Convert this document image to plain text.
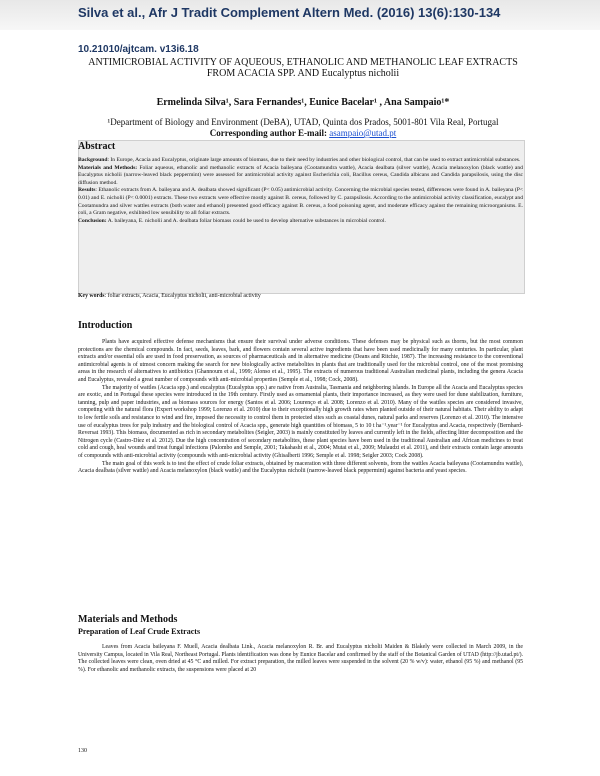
Silva et al., Afr J Tradit Complement Altern Med. (2016) 13(6):130-134
10.21010/ajtcam. v13i6.18
ANTIMICROBIAL ACTIVITY OF AQUEOUS, ETHANOLIC AND METHANOLIC LEAF EXTRACTS
FROM ACACIA SPP. AND Eucalyptus nicholii
Ermelinda Silva¹, Sara Fernandes¹, Eunice Bacelar¹ , Ana Sampaio¹*
¹Department of Biology and Environment (DeBA), UTAD, Quinta dos Prados, 5001-801 Vila Real, Portugal
Corresponding author E-mail: asampaio@utad.pt
Abstract

Background: In Europe, Acacia and Eucalyptus, originate large amounts of biomass, due to their need by industries and other biological control, that can be used to extract antimicrobial substances.

Materials and Methods: Foliar aqueous, ethanolic and methanolic extracts of Acacia baileyana (Cootamundra wattle), Acacia dealbata (silver wattle), Acacia melanoxylon (black wattle) and Eucalyptus nicholii (narrow-leaved black peppermint) were assessed for antimicrobial activity against Escherichia coli, Bacillus cereus, Candida albicans and Candida parapsilosis, using the disc diffusion method.

Results: Ethanolic extracts from A. baileyana and A. dealbata showed significant (P< 0.05) antimicrobial activity. Concerning the microbial species tested, differences were found in A. baileyana (P< 0.01) and E. nicholii (P< 0.0001) extracts. These two extracts were effective mostly against B. cereus, followed by C. parapsilosis. According to the antimicrobial activity classification, eucalypt and Cootamundra and silver wattles extracts (both water and ethanol) presented good efficacy against B. cereus, a food poisoning agent, and moderate efficacy against the remaining microorganisms. E. coli, a Gram negative, exhibited low sensibility to all foliar extracts.

Conclusion: A. baileyana, E. nicholii and A. dealbata foliar biomass could be used to develop alternative substances in microbial control.

Key words: foliar extracts, Acacia, Eucalyptus nicholii, anti-microbial activity
Introduction

Plants have acquired effective defense mechanisms that ensure their survival under adverse conditions. These defenses may be physical such as thorns, but the most common protections are the chemical compounds. In fact, seeds, leaves, bark, and flowers contain several active ingredients that have been used medicinally for many centuries. In particular, plant extracts and/or essential oils are used in food preservation, as sources of pharmaceuticals and in alternative medicine (Deans and Ritchie, 1987). The increasing resistance to the conventional antimicrobial agents is of utmost concern making the search for new biologically active metabolites in plants that are traditionally used for the microbial control, one of the most promising areas in the research of alternatives to antibiotics (Ghannoum et al., 1999; Alonso et al., 1995). The extracts of numerous traditional Australian medicinal plants, including the genera Acacia and Eucalyptus, revealed a great number of compounds with anti-microbial properties (Semple et al., 1998; Cock, 2008).

The majority of wattles (Acacia spp.) and eucalyptus (Eucalyptus spp.) are native from Australia, Tasmania and neighboring islands. In Europe all the Acacia and Eucalyptus species are exotic, and in Portugal these species were introduced in the 19th century. Firstly used as ornamental plants, their importance increased, as they were used for dune stabilization, furniture, tanning, pulp and paper industries, and as biomass sources for energy (Santos et al. 2006; Lourenço et al. 2008; Lorenzo et al. 2010). Many of the wattles species are considered invasive, competing with the natural flora (Expert workshop 1999; Lorenzo et al. 2010) due to their exceptionally high growth rates when planted outside of their natural habitats. Their ability to adapt to low fertile soils and resistance to wind and fire, imposed the necessity to control them in protected sites such as coastal dunes, natural parks and reserves (Lorenzo et al. 2010). The intensive use of eucalyptus trees for pulp industry and the biological control of Acacia spp., generate high quantities of biomass, 5 to 10 t ha⁻¹.year⁻¹ for Eucalyptus and Acacia, respectively (Bernhard-Reversat 1993). This biomass, documented as rich in secondary metabolites (Seigler, 2003) is mainly constituted by leaves and currently left in the fields, affecting litter decomposition and the Nitrogen cycle (Castro-Díez et al. 2012). Due the high concentration of secondary metabolites, these plant species have been used in the traditional Australian and African medicines to treat cold and cough, heal wounds and treat fungal infections (Palombo and Semple, 2001; Takahashi et al., 2004; Mutai et al., 2009; Mulaudzi et al. 2011), and their extracts contain large amounts of compounds with anti-microbial activity (compounds with anti-microbial activity (Ghisalberti 1996; Semple et al. 1998; Seigler 2003; Cock 2008).

The main goal of this work is to test the effect of crude foliar extracts, obtained by maceration with three different solvents, from the wattles Acacia baileyana (Cootamundra wattle), Acacia dealbata (silver wattle) and Acacia melanoxylon (black wattle) and the Eucalyptus nicholii (narrow-leaved black peppermint) against bacteria and yeast species.

Materials and Methods
Preparation of Leaf Crude Extracts

Leaves from Acacia baileyana F. Muell, Acacia dealbata Link., Acacia melanoxylon R. Br. and Eucalyptus nicholii Maiden & Blakely were collected in March 2009, in the University Campus, located in Vila Real, Northeast Portugal. Plants identification was done by Eunice Bacelar and confirmed by the staff of the Botanical Garden of UTAD (http://jb.utad.pt/). The collected leaves were clean, oven dried at 45 °C and milled. For extract preparation, the milled leaves were suspended in the solvent (20 % w/v): water, ethanol (95 %) and methanol (95 %). For ethanolic and methanolic extracts, the suspensions were placed at 20

130
